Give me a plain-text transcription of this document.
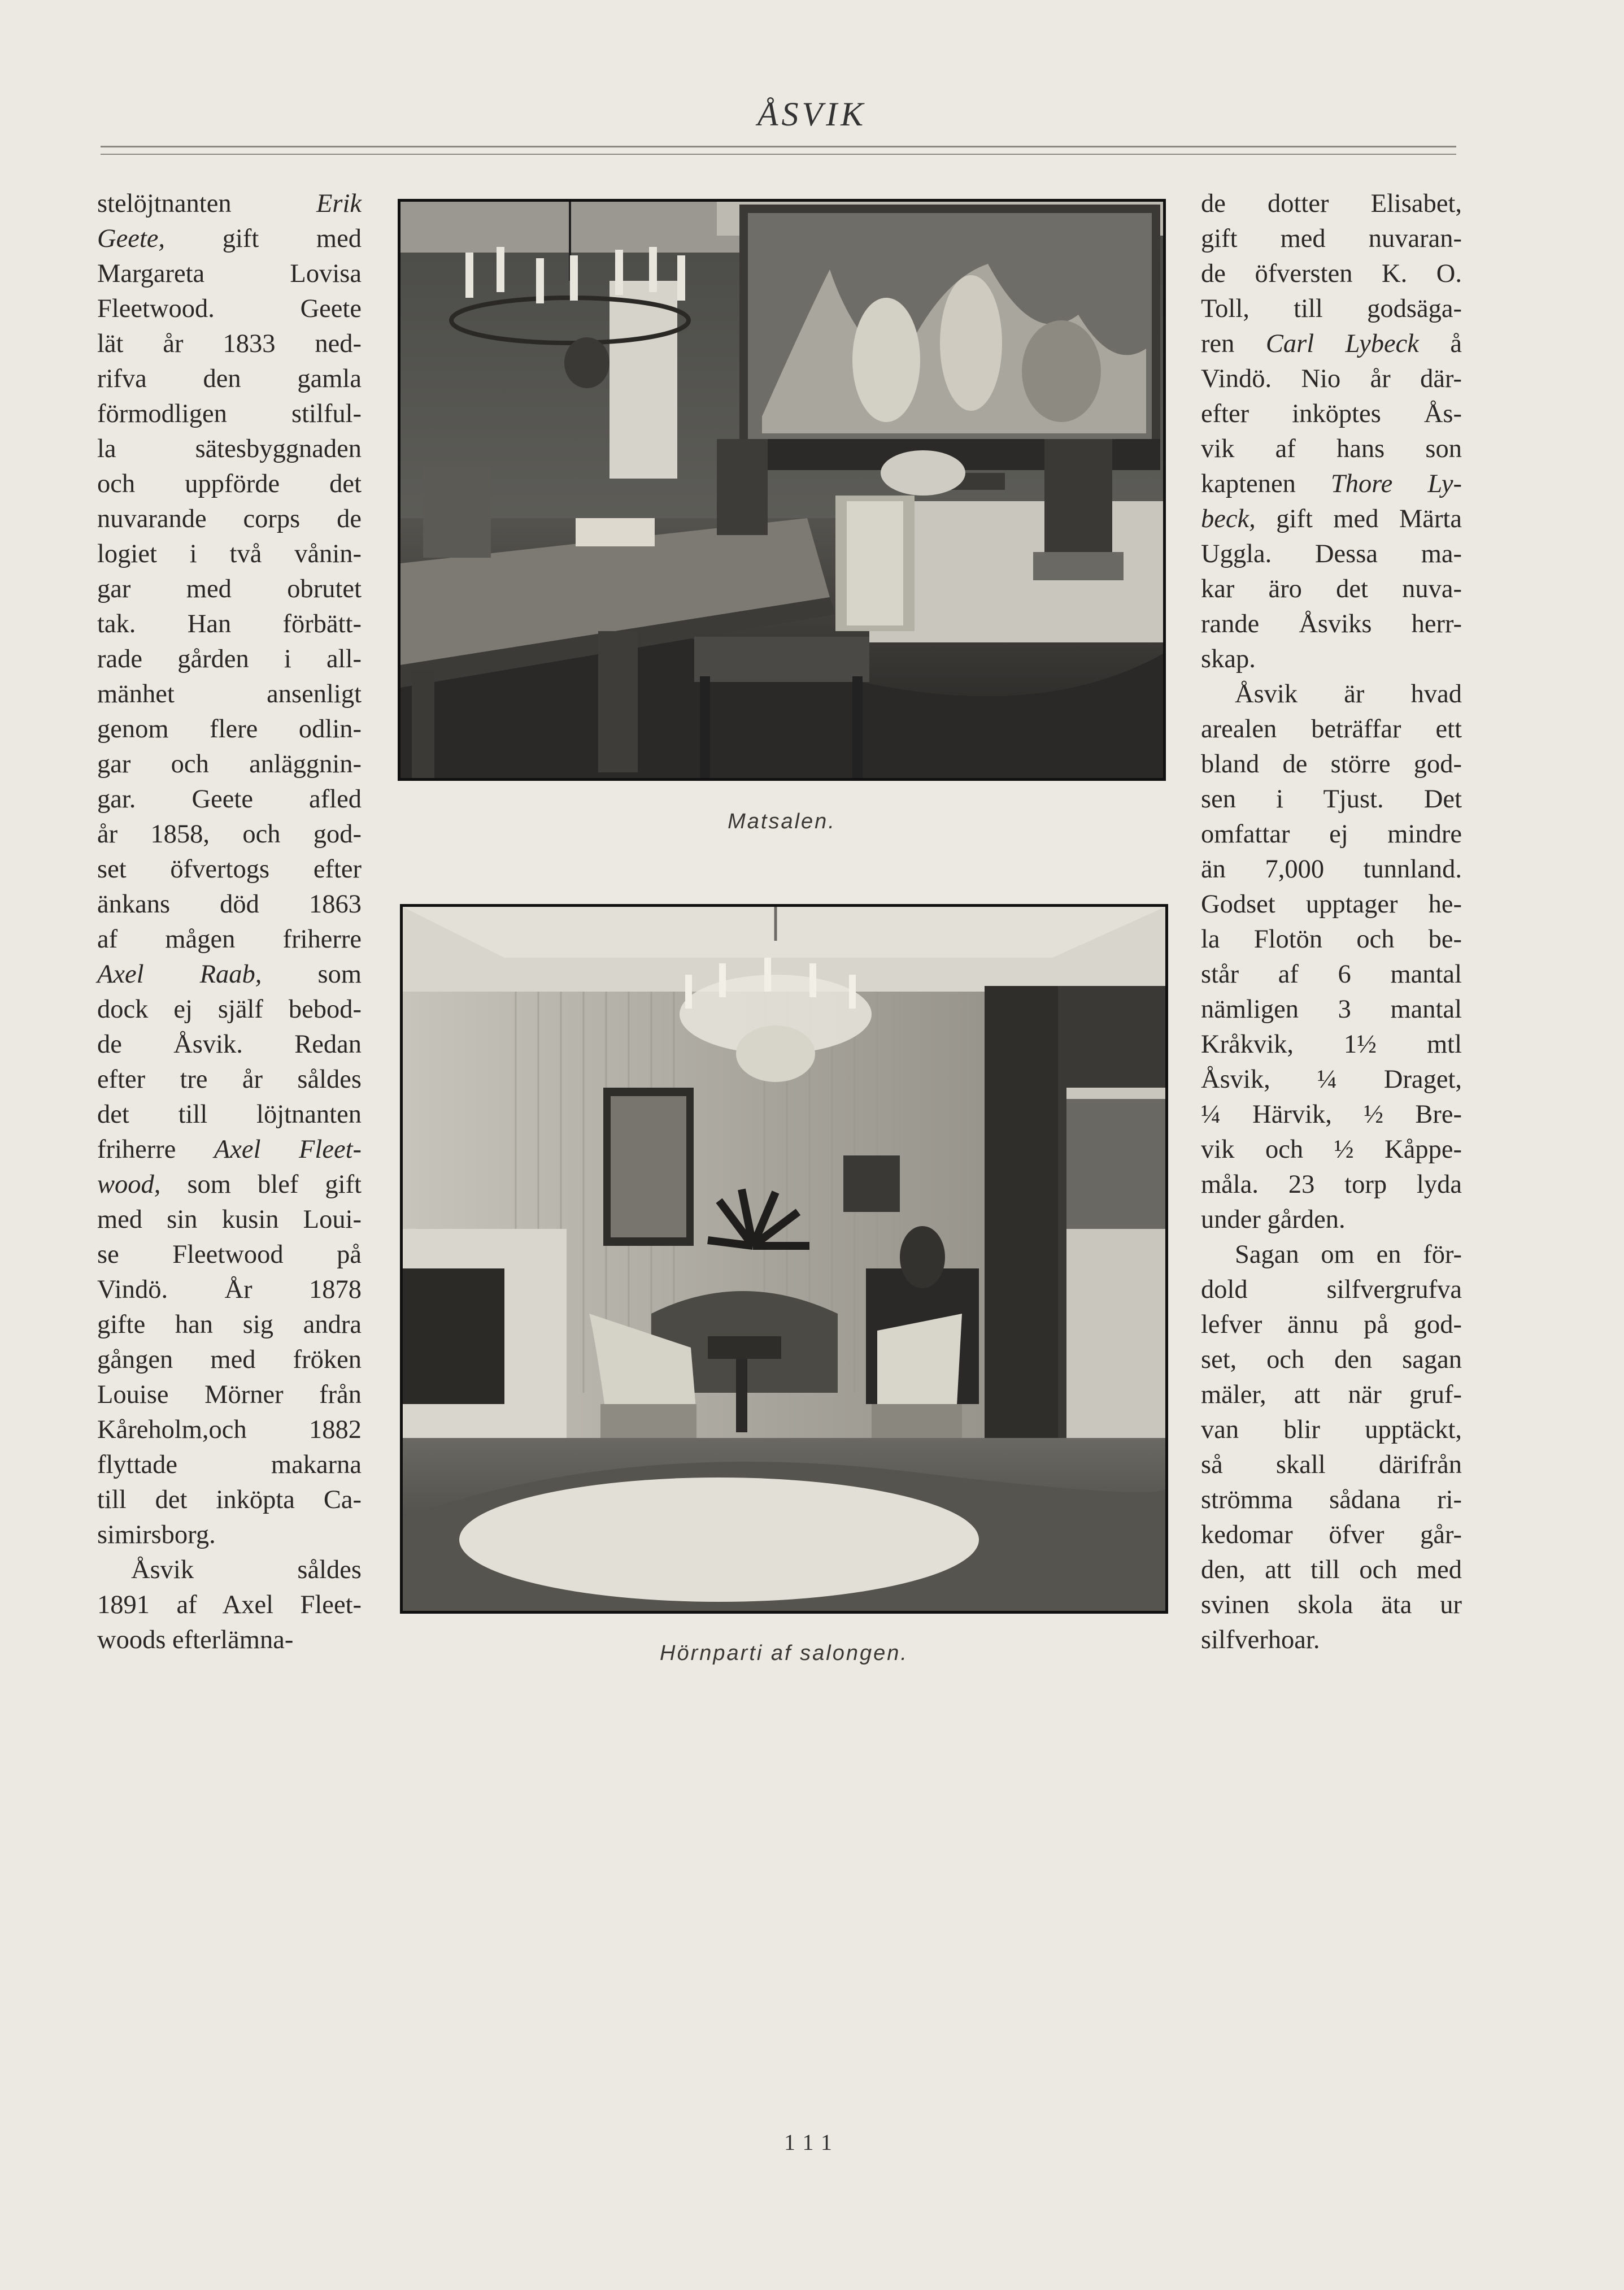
ÅSVIK
stelöjtnanten Erik
Geete, gift med
Margareta Lovisa
Fleetwood. Geete
lät år 1833 ned-
rifva den gamla
förmodligen stilful-
la sätesbyggnaden
och uppförde det
nuvarande corps de
logiet i två vånin-
gar med obrutet
tak. Han förbätt-
rade gården i all-
mänhet ansenligt
genom flere odlin-
gar och anläggnin-
gar. Geete afled
år 1858, och god-
set öfvertogs efter
änkans död 1863
af mågen friherre
Axel Raab, som
dock ej själf bebod-
de Åsvik. Redan
efter tre år såldes
det till löjtnanten
friherre Axel Fleet-
wood, som blef gift
med sin kusin Loui-
se Fleetwood på
Vindö. År 1878
gifte han sig andra
gången med fröken
Louise Mörner från
Kåreholm,och 1882
flyttade makarna
till det inköpta Ca-
simirsborg.
Åsvik såldes
1891 af Axel Fleet-
woods efterlämna-
de dotter Elisabet,
gift med nuvaran-
de öfversten K. O.
Toll, till godsäga-
ren Carl Lybeck å
Vindö. Nio år där-
efter inköptes Ås-
vik af hans son
kaptenen Thore Ly-
beck, gift med Märta
Uggla. Dessa ma-
kar äro det nuva-
rande Åsviks herr-
skap.
Åsvik är hvad
arealen beträffar ett
bland de större god-
sen i Tjust. Det
omfattar ej mindre
än 7,000 tunnland.
Godset upptager he-
la Flotön och be-
står af 6 mantal
nämligen 3 mantal
Kråkvik, 1½ mtl
Åsvik, ¼ Draget,
¼ Härvik, ½ Bre-
vik och ½ Kåppe-
måla. 23 torp lyda
under gården.
Sagan om en för-
dold silfvergrufva
lefver ännu på god-
set, och den sagan
mäler, att när gruf-
van blir upptäckt,
så skall därifrån
strömma sådana ri-
kedomar öfver går-
den, att till och med
svinen skola äta ur
silfverhoar.
Matsalen.
Hörnparti af salongen.
111
